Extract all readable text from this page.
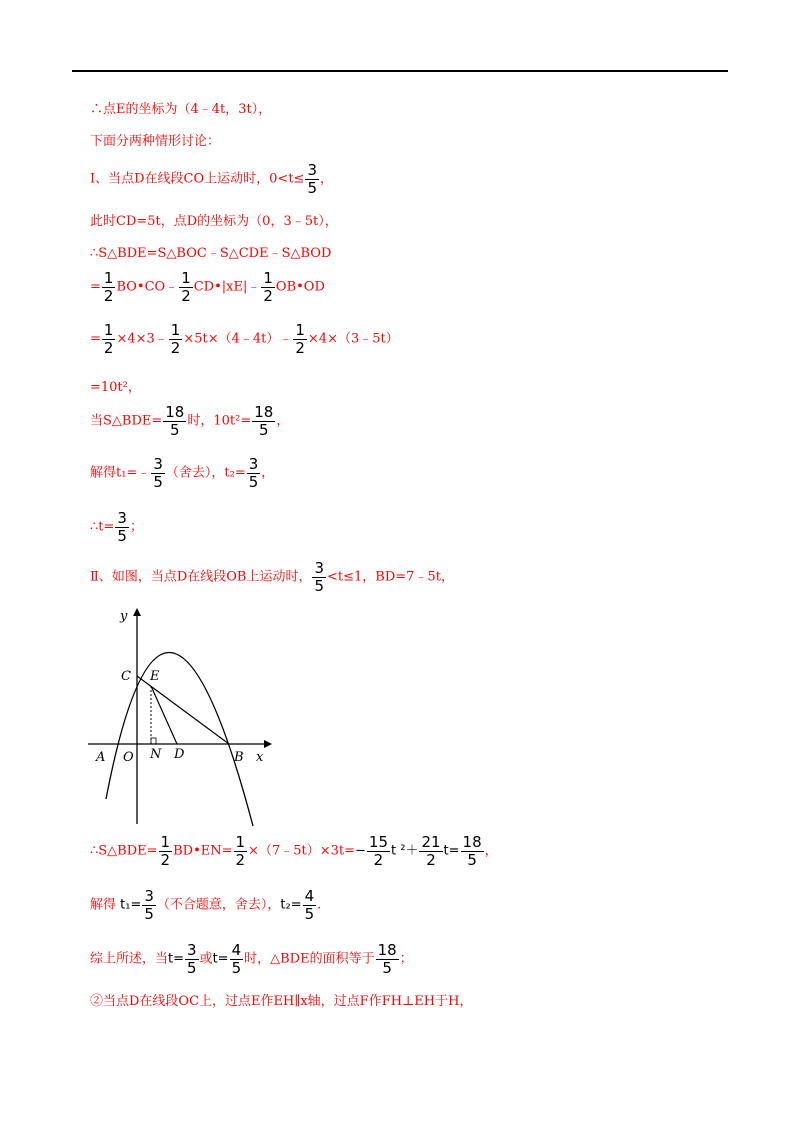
∴点E的坐标为（4﹣4t，3t），
下面分两种情形讨论：
Ⅰ、当点D在线段CO上运动时，$0<t\le \frac{3}{5}$ ，
此时CD=5t，点D的坐标为（0，3﹣5t），
∴S△BDE=S△BOC﹣S△CDE﹣S△BOD
= $\frac{1}{2}$ BO•CO﹣ $\frac{1}{2}$ CD•|xE|﹣ $\frac{1}{2}$ OB•OD
= $\frac{1}{2}$ ×4×3﹣ $\frac{1}{2}$ ×5t×（4﹣4t）﹣ $\frac{1}{2}$ ×4×（3﹣5t）
=10t²，
当S△BDE= $\frac{18}{5}$ 时，$10t^2= \frac{18}{5}$ ，
解得t₁=﹣ $\frac{3}{5}$ （舍去），$t_2= \frac{3}{5}$ ，
∴t= $\frac{3}{5}$ ；
Ⅱ、如图，当点D在线段OB上运动时， $\frac{3}{5} <t\le 1$，BD=7﹣5t，
y
C E
A O N D	B x
∴S△BDE= $\frac{1}{2}$ BD•EN= $\frac{1}{2}$ ×（7﹣5t）×3t=− $\frac{15}{2}$ t $^2+ \frac{21}{2} t= \frac{18}{5}$ ，
解得 $t_1= \frac{3}{5}$ （不合题意，舍去），$t_2= \frac{4}{5}$ .
综上所述，当$t= \frac{3}{5}$ 或$t= \frac{4}{5}$ 时，△BDE的面积等于 $\frac{18}{5}$ ；
②当点D在线段OC上，过点E作EH∥x轴，过点F作FH⊥EH于H，
